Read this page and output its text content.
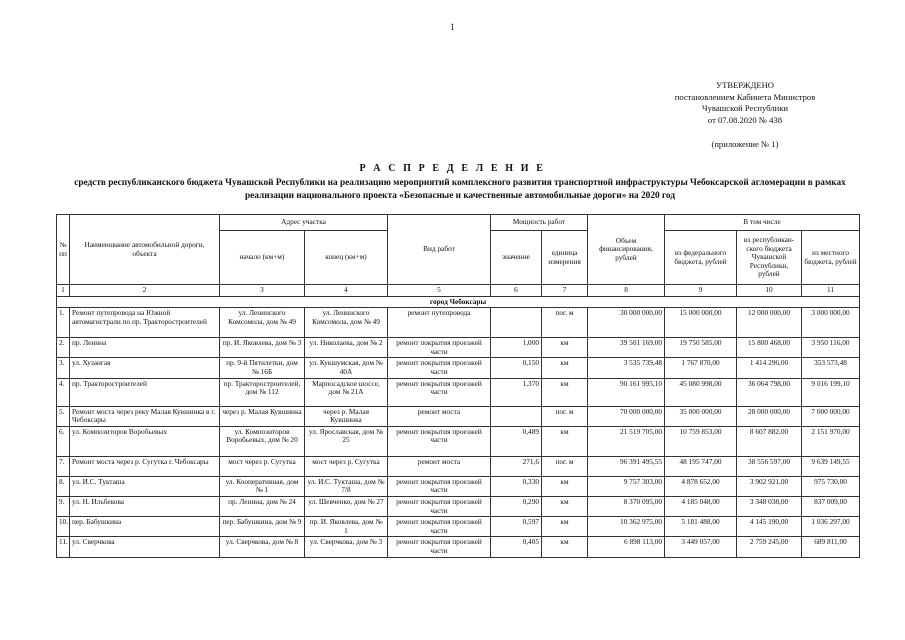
1
УТВЕРЖДЕНО
постановлением Кабинета Министров
Чувашской Республики
от 07.08.2020 № 438
(приложение № 1)
Р А С П Р Е Д Е Л Е Н И Е
средств республиканского бюджета Чувашской Республики на реализацию мероприятий комплексного развития транспортной инфраструктуры Чебоксарской агломерации в рамках реализации национального проекта «Безопасные и качественные автомобильные дороги» на 2020 год
№ пп	Наименование автомобильной дороги, объекта	Адрес участка		Вид работ	Мощность работ		Объем финансирования, рублей	В том числе		
		начало (км+м)	конец (км+м)		значение	единица измерения		из федерального бюджета, рублей	из республикан-ского бюджета Чувашской Республики, рублей	из местного бюджета, рублей
1	2	3	4	5	6	7	8	9	10	11
город Чебоксары										
1.	Ремонт путепровода на Южной автомагистрали по пр. Тракторостроителей	ул. Ленинского Комсомола, дом № 49	ул. Ленинского Комсомола, дом № 49	ремонт путепровода		пог. м	30 000 000,00	15 000 000,00	12 000 000,00	3 000 000,00
2.	пр. Ленина	пр. И. Яковлева, дом № 3	ул. Николаева, дом № 2	ремонт покрытия проезжей части	1,000	км	39 501 169,00	19 750 585,00	15 800 468,00	3 950 116,00
3.	ул. Хузангая	пр. 9-й Пятилетки, дом № 16Б	ул. Кукшумская, дом № 40А	ремонт покрытия проезжей части	0,150	км	3 535 739,48	1 767 870,00	1 414 296,00	353 573,48
4.	пр. Тракторостроителей	пр. Тракторостроителей, дом № 112	Марпосадское шоссе, дом № 21А	ремонт покрытия проезжей части	1,370	км	90 161 995,10	45 080 998,00	36 064 798,00	9 016 199,10
5.	Ремонт моста через реку Малая Кувшинка в г. Чебоксары	через р. Малая Кувшинка	через р. Малая Кувшинка	ремонт моста		пог. м	70 000 000,00	35 000 000,00	28 000 000,00	7 000 000,00
6.	ул. Композиторов Воробьевых	ул. Композиторов Воробьевых, дом № 20	ул. Ярославская, дом № 25	ремонт покрытия проезжей части	0,489	км	21 519 705,00	10 759 853,00	8 607 882,00	2 151 970,00
7.	Ремонт моста через р. Сугутка г. Чебоксары	мост через р. Сугутка	мост через р. Сугутка	ремонт моста	271,6	пог. м	96 391 495,55	48 195 747,00	38 556 597,00	9 639 149,55
8.	ул. И.С. Тукташа	ул. Кооперативная, дом № 1	ул. И.С. Тукташа, дом № 7/8	ремонт покрытия проезжей части	0,330	км	9 757 303,00	4 878 652,00	3 902 921,00	975 730,00
9.	ул. Н. Ильбекова	пр. Ленина, дом № 24	ул. Шевченко, дом № 27	ремонт покрытия проезжей части	0,290	км	8 370 095,00	4 185 048,00	3 348 038,00	837 009,00
10.	пер. Бабушкина	пер. Бабушкина, дом № 9	пр. И. Яковлева, дом № 1	ремонт покрытия проезжей части	0,597	км	10 362 975,00	5 181 488,00	4 145 190,00	1 036 297,00
11.	ул. Сверчкова	ул. Сверчкова, дом № 8	ул. Сверчкова, дом № 3	ремонт покрытия проезжей части	0,405	км	6 898 113,00	3 449 057,00	2 759 245,00	689 811,00
